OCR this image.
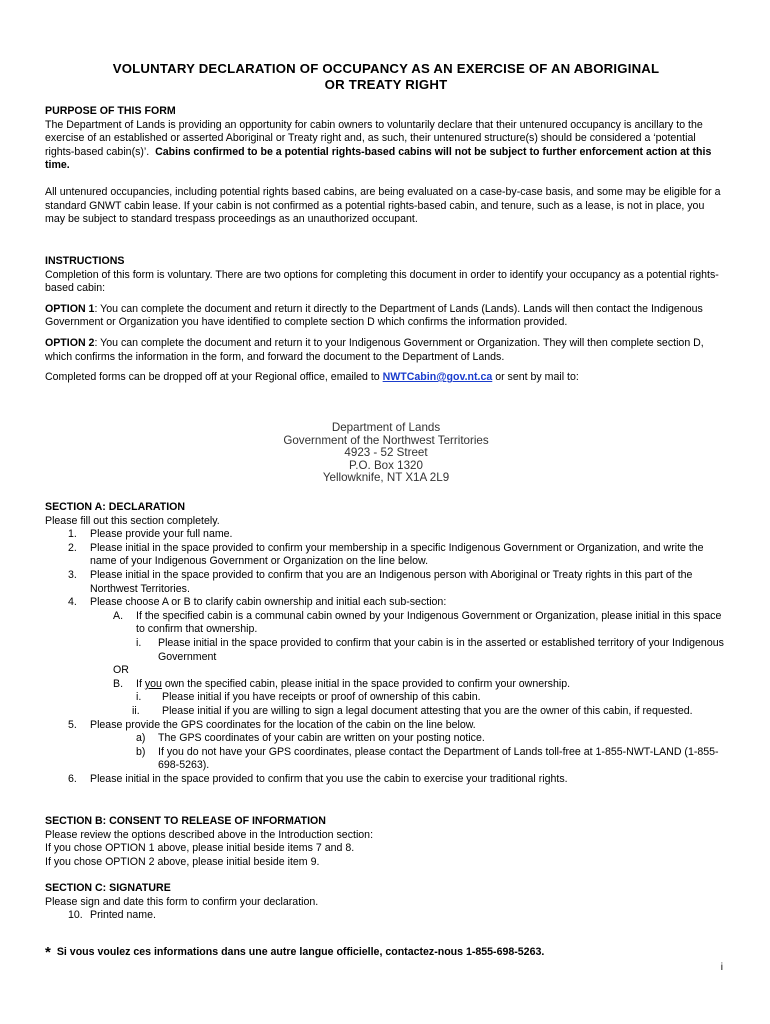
VOLUNTARY DECLARATION OF OCCUPANCY AS AN EXERCISE OF AN ABORIGINAL
OR TREATY RIGHT

PURPOSE OF THIS FORM

The Department of Lands is providing an opportunity for cabin owners to voluntarily declare that their untenured occupancy is ancillary to the exercise of an established or asserted Aboriginal or Treaty right and, as such, their untenured structure(s) should be considered a ‘potential rights-based cabin(s)’. Cabins confirmed to be a potential rights-based cabins will not be subject to further enforcement action at this time.

All untenured occupancies, including potential rights based cabins, are being evaluated on a case-by-case basis, and some may be eligible for a standard GNWT cabin lease. If your cabin is not confirmed as a potential rights-based cabin, and tenure, such as a lease, is not in place, you may be subject to standard trespass proceedings as an unauthorized occupant.

INSTRUCTIONS

Completion of this form is voluntary. There are two options for completing this document in order to identify your occupancy as a potential rights-based cabin:

OPTION 1: You can complete the document and return it directly to the Department of Lands (Lands). Lands will then contact the Indigenous Government or Organization you have identified to complete section D which confirms the information provided.

OPTION 2: You can complete the document and return it to your Indigenous Government or Organization. They will then complete section D, which confirms the information in the form, and forward the document to the Department of Lands.

Completed forms can be dropped off at your Regional office, emailed to NWTCabin@gov.nt.ca or sent by mail to:

Department of Lands
Government of the Northwest Territories
4923 - 52 Street
P.O. Box 1320
Yellowknife, NT X1A 2L9

SECTION A: DECLARATION

Please fill out this section completely.

1. Please provide your full name.
2. Please initial in the space provided to confirm your membership in a specific Indigenous Government or Organization, and write the name of your Indigenous Government or Organization on the line below.
3. Please initial in the space provided to confirm that you are an Indigenous person with Aboriginal or Treaty rights in this part of the Northwest Territories.
4. Please choose A or B to clarify cabin ownership and initial each sub-section:
A. If the specified cabin is a communal cabin owned by your Indigenous Government or Organization, please initial in this space to confirm that ownership.
i. Please initial in the space provided to confirm that your cabin is in the asserted or established territory of your Indigenous Government
OR
B. If you own the specified cabin, please initial in the space provided to confirm your ownership.
i. Please initial if you have receipts or proof of ownership of this cabin.
ii. Please initial if you are willing to sign a legal document attesting that you are the owner of this cabin, if requested.
5. Please provide the GPS coordinates for the location of the cabin on the line below.
a) The GPS coordinates of your cabin are written on your posting notice.
b) If you do not have your GPS coordinates, please contact the Department of Lands toll-free at 1-855-NWT-LAND (1-855-698-5263).
6. Please initial in the space provided to confirm that you use the cabin to exercise your traditional rights.

SECTION B: CONSENT TO RELEASE OF INFORMATION

Please review the options described above in the Introduction section:

If you chose OPTION 1 above, please initial beside items 7 and 8.

If you chose OPTION 2 above, please initial beside item 9.

SECTION C: SIGNATURE

Please sign and date this form to confirm your declaration.

10. Printed name.
* Si vous voulez ces informations dans une autre langue officielle, contactez-nous 1-855-698-5263.
i
